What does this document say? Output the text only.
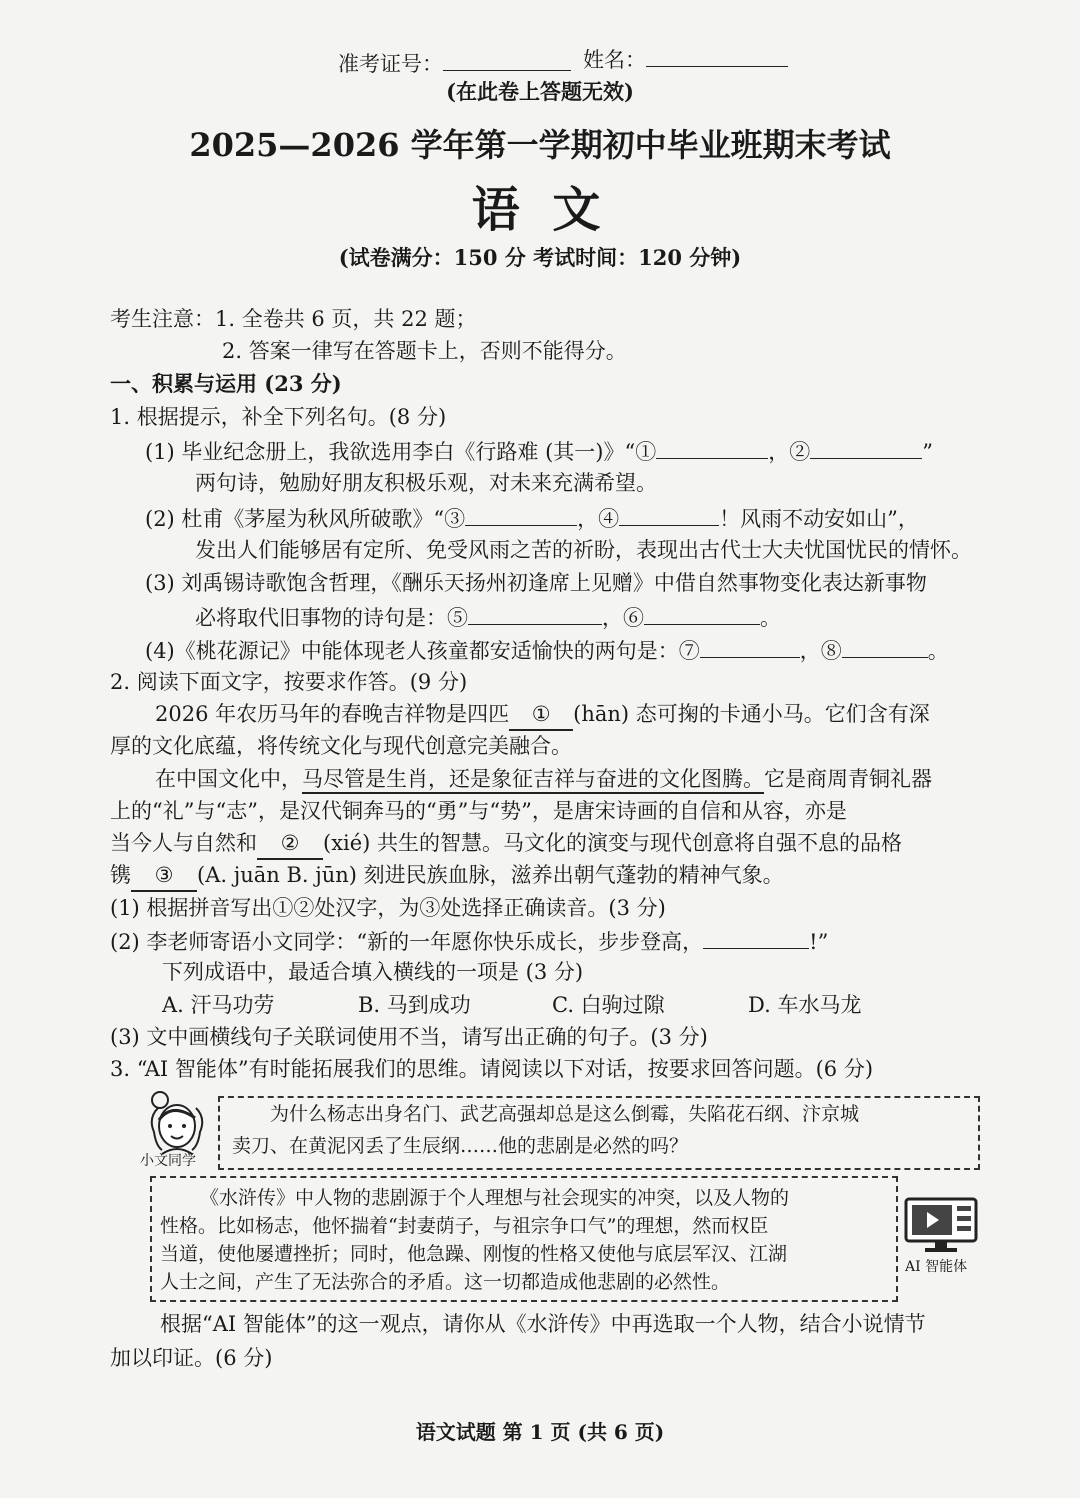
准考证号：	姓名：
(在此卷上答题无效)
2025—2026 学年第一学期初中毕业班期末考试
语 文
(试卷满分：150 分 考试时间：120 分钟)
考生注意：1. 全卷共 6 页，共 22 题；
2. 答案一律写在答题卡上，否则不能得分。
一、积累与运用 (23 分)
1. 根据提示，补全下列名句。(8 分)
(1) 毕业纪念册上，我欲选用李白《行路难 (其一)》“①	，②	”
两句诗，勉励好朋友积极乐观，对未来充满希望。
(2) 杜甫《茅屋为秋风所破歌》“③	，④	！风雨不动安如山”，
发出人们能够居有定所、免受风雨之苦的祈盼，表现出古代士大夫忧国忧民的情怀。
(3) 刘禹锡诗歌饱含哲理，《酬乐天扬州初逢席上见赠》中借自然事物变化表达新事物
必将取代旧事物的诗句是：⑤	，⑥	。
(4)《桃花源记》中能体现老人孩童都安适愉快的两句是：⑦	，⑧	。
2. 阅读下面文字，按要求作答。(9 分)
2026 年农历马年的春晚吉祥物是四匹 ① (hān) 态可掬的卡通小马。它们含有深
厚的文化底蕴，将传统文化与现代创意完美融合。
在中国文化中，马尽管是生肖，还是象征吉祥与奋进的文化图腾。它是商周青铜礼器
上的“礼”与“志”，是汉代铜奔马的“勇”与“势”，是唐宋诗画的自信和从容，亦是
当今人与自然和 ② (xié) 共生的智慧。马文化的演变与现代创意将自强不息的品格
镌 ③ (A. juān B. jūn) 刻进民族血脉，滋养出朝气蓬勃的精神气象。
(1) 根据拼音写出①②处汉字，为③处选择正确读音。(3 分)
(2) 李老师寄语小文同学：“新的一年愿你快乐成长，步步登高，	!”
下列成语中，最适合填入横线的一项是 (3 分)
A. 汗马功劳	B. 马到成功	C. 白驹过隙	D. 车水马龙
(3) 文中画横线句子关联词使用不当，请写出正确的句子。(3 分)
3. “AI 智能体”有时能拓展我们的思维。请阅读以下对话，按要求回答问题。(6 分)
小文同学
为什么杨志出身名门、武艺高强却总是这么倒霉，失陷花石纲、汴京城
卖刀、在黄泥冈丢了生辰纲……他的悲剧是必然的吗？
《水浒传》中人物的悲剧源于个人理想与社会现实的冲突，以及人物的
性格。比如杨志，他怀揣着“封妻荫子，与祖宗争口气”的理想，然而权臣
当道，使他屡遭挫折；同时，他急躁、刚愎的性格又使他与底层军汉、江湖
人士之间，产生了无法弥合的矛盾。这一切都造成他悲剧的必然性。
AI 智能体
根据“AI 智能体”的这一观点，请你从《水浒传》中再选取一个人物，结合小说情节
加以印证。(6 分)
语文试题 第 1 页 (共 6 页)
